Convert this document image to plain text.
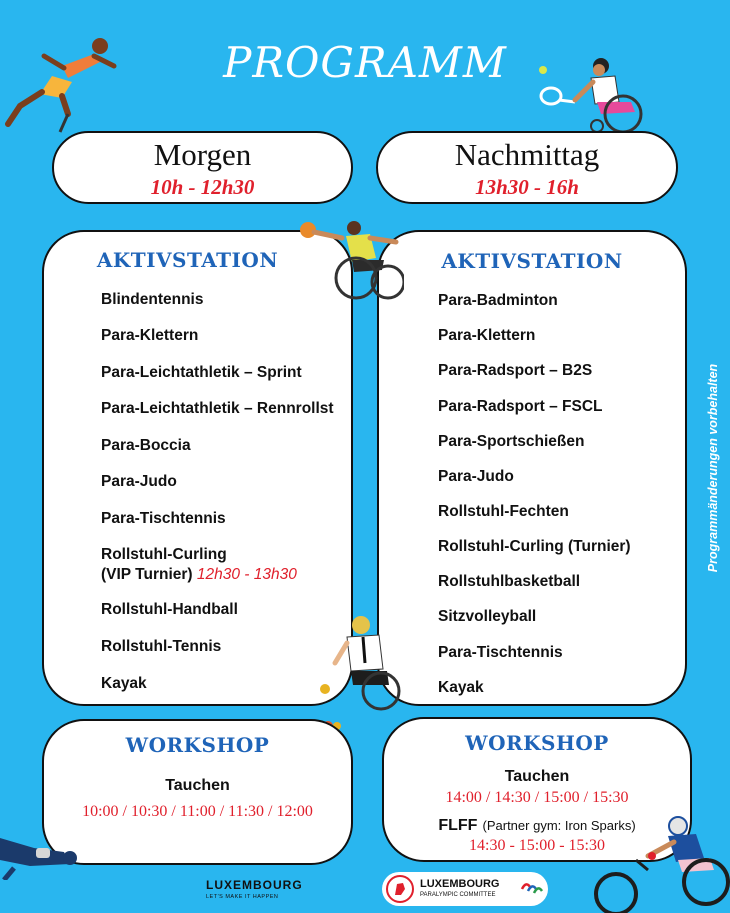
PROGRAMM
Morgen
10h - 12h30
Nachmittag
13h30 - 16h
AKTIVSTATION
Blindentennis
Para-Klettern
Para-Leichtathletik – Sprint
Para-Leichtathletik – Rennrollst
Para-Boccia
Para-Judo
Para-Tischtennis
Rollstuhl-Curling
(VIP Turnier) 12h30 - 13h30
Rollstuhl-Handball
Rollstuhl-Tennis
Kayak
AKTIVSTATION
Para-Badminton
Para-Klettern
Para-Radsport – B2S
Para-Radsport – FSCL
Para-Sportschießen
Para-Judo
Rollstuhl-Fechten
Rollstuhl-Curling (Turnier)
Rollstuhlbasketball
Sitzvolleyball
Para-Tischtennis
Kayak
WORKSHOP
Tauchen
10:00 / 10:30 / 11:00 / 11:30 / 12:00
WORKSHOP
Tauchen
14:00 / 14:30 / 15:00 / 15:30
FLFF (Partner gym: Iron Sparks)
14:30 - 15:00 - 15:30
Programmänderungen vorbehalten
LUXEMBOURG
LET'S MAKE IT HAPPEN
LUXEMBOURG
PARALYMPIC COMMITTEE
